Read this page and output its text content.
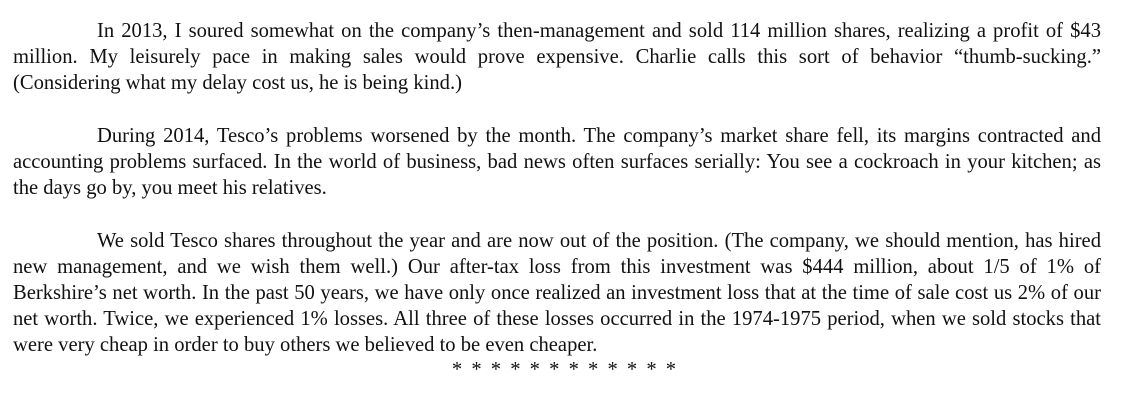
In 2013, I soured somewhat on the company’s then-management and sold 114 million shares, realizing a profit of $43 million. My leisurely pace in making sales would prove expensive. Charlie calls this sort of behavior “thumb-sucking.” (Considering what my delay cost us, he is being kind.)

During 2014, Tesco’s problems worsened by the month. The company’s market share fell, its margins contracted and accounting problems surfaced. In the world of business, bad news often surfaces serially: You see a cockroach in your kitchen; as the days go by, you meet his relatives.

We sold Tesco shares throughout the year and are now out of the position. (The company, we should mention, has hired new management, and we wish them well.) Our after-tax loss from this investment was $444 million, about 1/5 of 1% of Berkshire’s net worth. In the past 50 years, we have only once realized an investment loss that at the time of sale cost us 2% of our net worth. Twice, we experienced 1% losses. All three of these losses occurred in the 1974-1975 period, when we sold stocks that were very cheap in order to buy others we believed to be even cheaper.

* * * * * * * * * * * *
